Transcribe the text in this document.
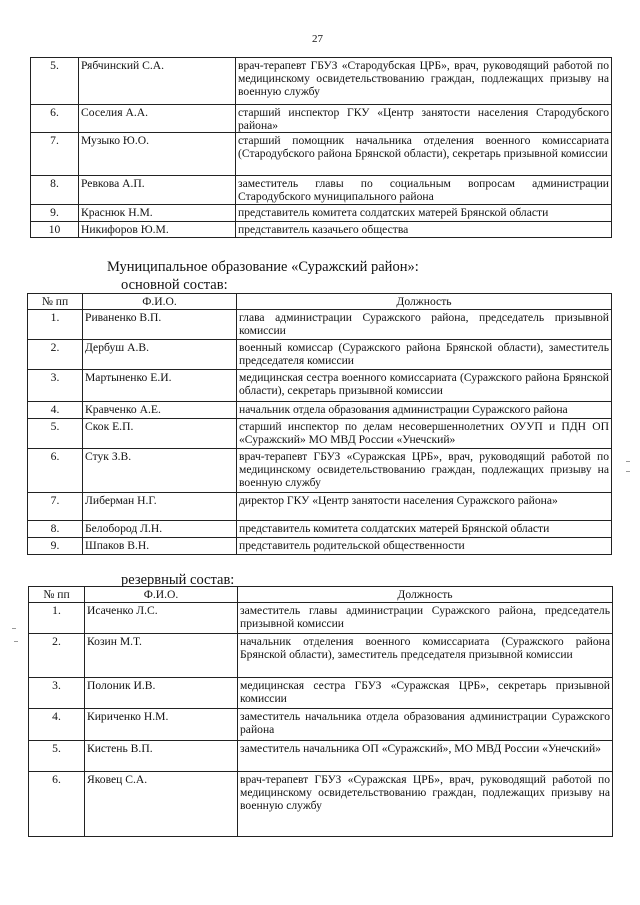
27
5.	Рябчинский С.А.	врач-терапевт ГБУЗ «Стародубская ЦРБ», врач, руководящий работой по медицинскому освидетельствованию граждан, подлежащих призыву на военную службу
6.	Соселия А.А.	старший инспектор ГКУ «Центр занятости населения Стародубского района»
7.	Музыко Ю.О.	старший помощник начальника отделения военного комиссариата (Стародубского района Брянской области), секретарь призывной комиссии
8.	Ревкова А.П.	заместитель главы по социальным вопросам администрации Стародубского муниципального района
9.	Краснюк Н.М.	представитель комитета солдатских матерей Брянской области
10	Никифоров Ю.М.	представитель казачьего общества
Муниципальное образование «Суражский район»:
основной состав:
№ пп	Ф.И.О.	Должность
1.	Риваненко В.П.	глава администрации Суражского района, председатель призывной комиссии
2.	Дербуш А.В.	военный комиссар (Суражского района Брянской области), заместитель председателя комиссии
3.	Мартыненко Е.И.	медицинская сестра военного комиссариата (Суражского района Брянской области), секретарь призывной комиссии
4.	Кравченко А.Е.	начальник отдела образования администрации Суражского района
5.	Скок Е.П.	старший инспектор по делам несовершеннолетних ОУУП и ПДН ОП «Суражский» МО МВД России «Унечский»
6.	Стук З.В.	врач-терапевт ГБУЗ «Суражская ЦРБ», врач, руководящий работой по медицинскому освидетельствованию граждан, подлежащих призыву на военную службу
7.	Либерман Н.Г.	директор ГКУ «Центр занятости населения Суражского района»
8.	Белобород Л.Н.	представитель комитета солдатских матерей Брянской области
9.	Шпаков В.Н.	представитель родительской общественности
резервный состав:
№ пп	Ф.И.О.	Должность
1.	Исаченко Л.С.	заместитель главы администрации Суражского района, председатель призывной комиссии
2.	Козин М.Т.	начальник отделения военного комиссариата (Суражского района Брянской области), заместитель председателя призывной комиссии
3.	Полоник И.В.	медицинская сестра ГБУЗ «Суражская ЦРБ», секретарь призывной комиссии
4.	Кириченко Н.М.	заместитель начальника отдела образования администрации Суражского района
5.	Кистень В.П.	заместитель начальника ОП «Суражский», МО МВД России «Унечский»
6.	Яковец С.А.	врач-терапевт ГБУЗ «Суражская ЦРБ», врач, руководящий работой по медицинскому освидетельствованию граждан, подлежащих призыву на военную службу
